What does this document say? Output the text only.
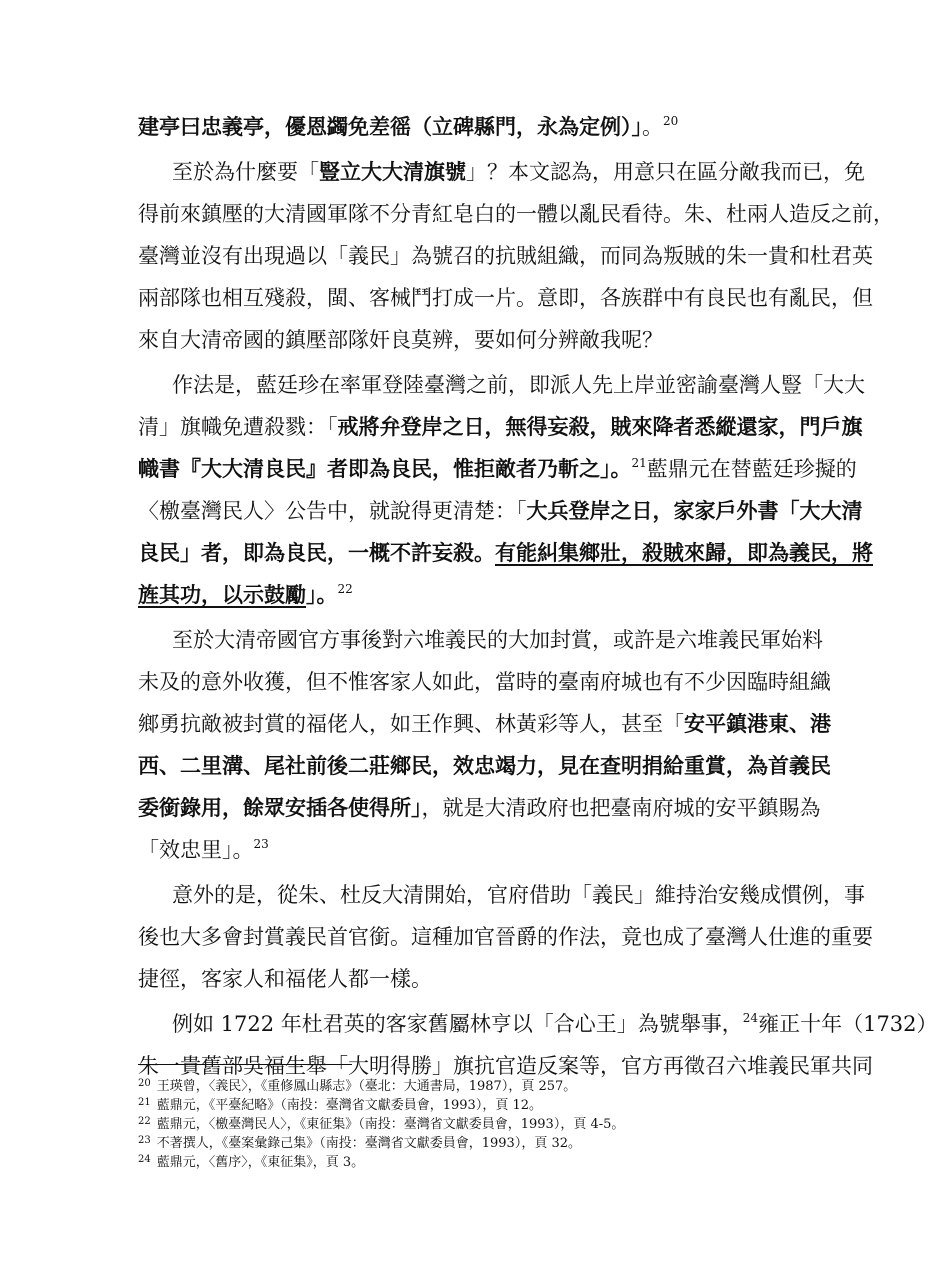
建亭曰忠義亭，優恩蠲免差徭（立碑縣門，永為定例）」。$^{20}$
至於為什麼要「豎立大大清旗號」？本文認為，用意只在區分敵我而已，免
得前來鎮壓的大清國軍隊不分青紅皂白的一體以亂民看待。朱、杜兩人造反之前，
臺灣並沒有出現過以「義民」為號召的抗賊組織，而同為叛賊的朱一貴和杜君英
兩部隊也相互殘殺，閩、客械鬥打成一片。意即，各族群中有良民也有亂民，但
來自大清帝國的鎮壓部隊奸良莫辨，要如何分辨敵我呢？
作法是，藍廷珍在率軍登陸臺灣之前，即派人先上岸並密諭臺灣人豎「大大
清」旗幟免遭殺戮：「戒將弁登岸之日，無得妄殺，賊來降者悉縱還家，門戶旗
幟書『大大清良民』者即為良民，惟拒敵者乃斬之」。$^{21}$藍鼎元在替藍廷珍擬的
〈檄臺灣民人〉公告中，就說得更清楚：「大兵登岸之日，家家戶外書「大大清
良民」者，即為良民，一概不許妄殺。有能糾集鄉壯，殺賊來歸，即為義民，將
旌其功，以示鼓勵」。$^{22}$
至於大清帝國官方事後對六堆義民的大加封賞，或許是六堆義民軍始料
未及的意外收獲，但不惟客家人如此，當時的臺南府城也有不少因臨時組織
鄉勇抗敵被封賞的福佬人，如王作興、林黃彩等人，甚至「安平鎮港東、港
西、二里溝、尾社前後二莊鄉民，效忠竭力，見在查明捐給重賞，為首義民
委銜錄用，餘眾安插各使得所」，就是大清政府也把臺南府城的安平鎮賜為
「效忠里」。$^{23}$
意外的是，從朱、杜反大清開始，官府借助「義民」維持治安幾成慣例，事
後也大多會封賞義民首官銜。這種加官晉爵的作法，竟也成了臺灣人仕進的重要
捷徑，客家人和福佬人都一樣。
20 王瑛曾，〈義民〉，《重修鳳山縣志》（臺北：大通書局，1987），頁 257。
21 藍鼎元，《平臺紀略》（南投：臺灣省文獻委員會，1993），頁 12。
22 藍鼎元，〈檄臺灣民人〉，《東征集》（南投：臺灣省文獻委員會，1993），頁 4-5。
23 不著撰人，《臺案彙錄己集》（南投：臺灣省文獻委員會，1993），頁 32。
24 藍鼎元，〈舊序〉，《東征集》，頁 3。
例如 1722 年杜君英的客家舊屬林亨以「合心王」為號舉事，$^{24}$雍正十年（1732）
朱一貴舊部吳福生舉「大明得勝」旗抗官造反案等，官方再徵召六堆義民軍共同
